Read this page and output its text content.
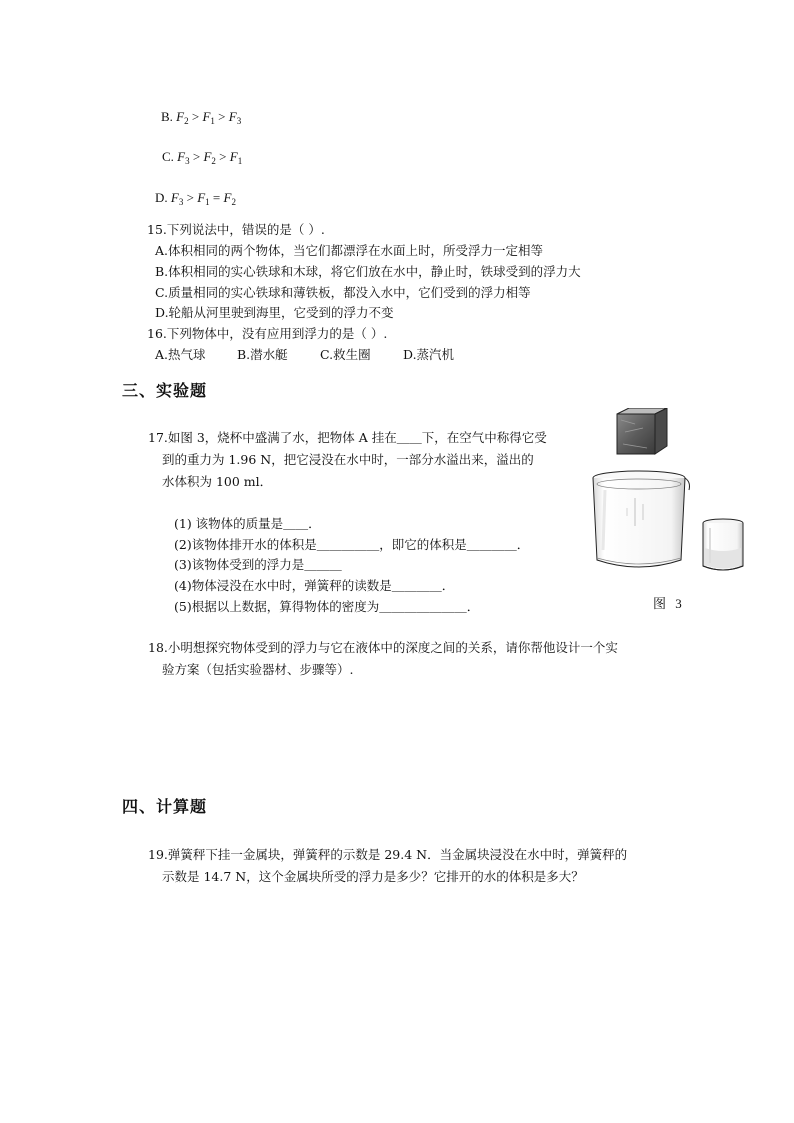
B. $F_2 > F_1 > F_3$
C. $F_3 > F_2 > F_1$
D. $F_3 > F_1 = F_2$
15.下列说法中，错误的是（ ）.
A.体积相同的两个物体，当它们都漂浮在水面上时，所受浮力一定相等
B.体积相同的实心铁球和木球，将它们放在水中，静止时，铁球受到的浮力大
C.质量相同的实心铁球和薄铁板，都没入水中，它们受到的浮力相等
D.轮船从河里驶到海里，它受到的浮力不变
16.下列物体中，没有应用到浮力的是（ ）.
A.热气球	B.潜水艇	C.救生圈	D.蒸汽机
三、实验题
17.如图 3，烧杯中盛满了水，把物体 A 挂在＿＿下，在空气中称得它受
到的重力为 1.96 N，把它浸没在水中时，一部分水溢出来，溢出的
水体积为 100 ml．
(1) 该物体的质量是＿＿．
(2)该物体排开水的体积是＿＿＿＿＿，即它的体积是＿＿＿＿．
(3)该物体受到的浮力是＿＿＿
(4)物体浸没在水中时，弹簧秤的读数是＿＿＿＿．
(5)根据以上数据，算得物体的密度为＿＿＿＿＿＿＿．	图 3
18.小明想探究物体受到的浮力与它在液体中的深度之间的关系，请你帮他设计一个实
验方案（包括实验器材、步骤等）.
四、计算题
19.弹簧秤下挂一金属块，弹簧秤的示数是 29.4 N．当金属块浸没在水中时，弹簧秤的
示数是 14.7 N，这个金属块所受的浮力是多少？它排开的水的体积是多大？
